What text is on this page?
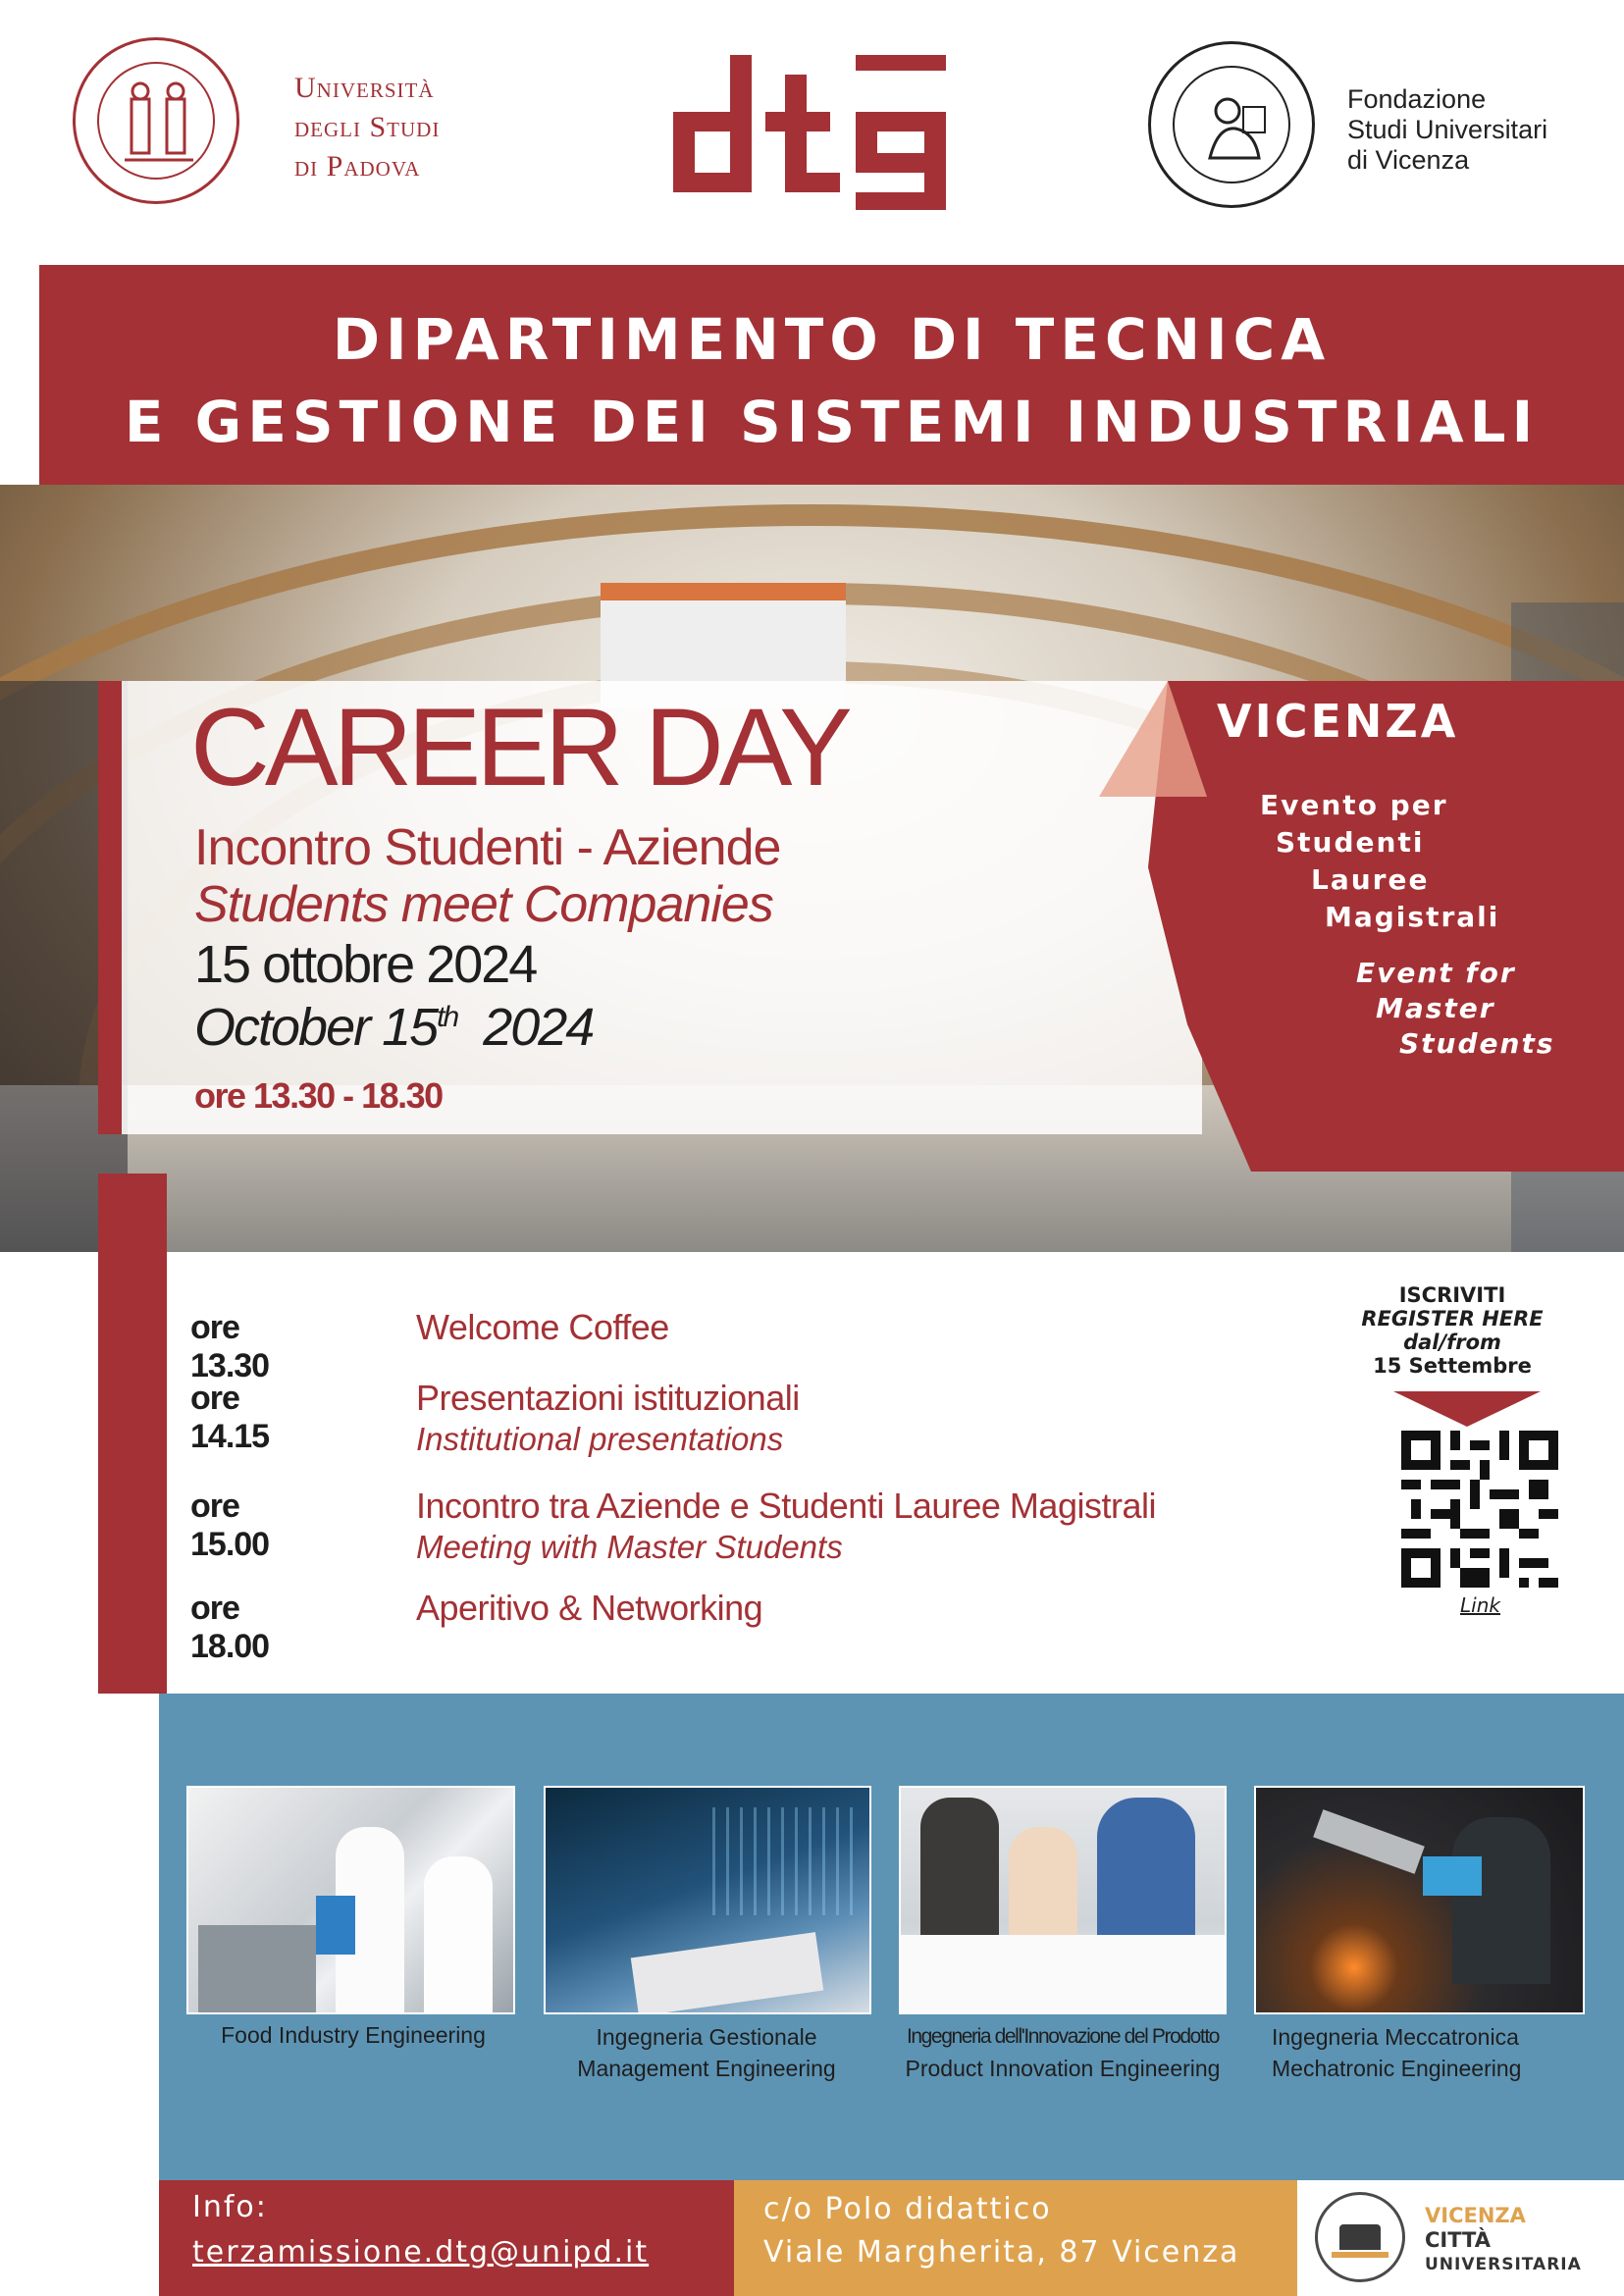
Università
degli Studi
di Padova
Fondazione
Studi Universitari
di Vicenza
DIPARTIMENTO DI TECNICA
E GESTIONE DEI SISTEMI INDUSTRIALI
CAREER DAY
Incontro Studenti - Aziende
Students meet Companies
15 ottobre 2024
October 15th 2024
ore 13.30 - 18.30
VICENZA
Evento per
Studenti
Lauree
Magistrali
Event for
Master
Students
ore 13.30
Welcome Coffee
ore 14.15
Presentazioni istituzionali
Institutional presentations
ore 15.00
Incontro tra Aziende e Studenti Lauree Magistrali
Meeting with Master Students
ore 18.00
Aperitivo & Networking
ISCRIVITI
REGISTER HERE
dal/from
15 Settembre
Link
Food Industry Engineering	Ingegneria Gestionale
Management Engineering
Ingegneria dell'Innovazione del Prodotto
Product Innovation Engineering
Ingegneria Meccatronica
Mechatronic Engineering
Info:
terzamissione.dtg@unipd.it
c/o Polo didattico
Viale Margherita, 87 Vicenza
VICENZA
CITTÀ
UNIVERSITARIA
